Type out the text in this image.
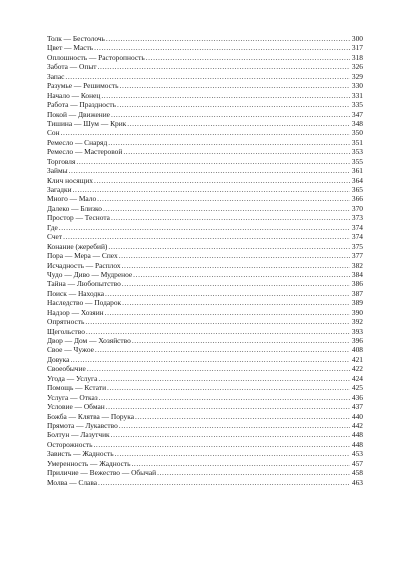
Толк — Бестолочь .....	300
Цвет — Масть .....	317
Оплошность — Расторопность .....	318
Забота — Опыт .....	326
Запас .....	329
Разумье — Решимость .....	330
Начало — Конец .....	331
Работа — Праздность .....	335
Покой — Движение .....	347
Тишина — Шум — Крик .....	348
Сон .....	350
Ремесло — Снаряд .....	351
Ремесло — Мастеровой .....	353
Торговля .....	355
Займы .....	361
Клич носящих .....	364
Загадки .....	365
Много — Мало .....	366
Далеко — Близко .....	370
Простор — Теснота .....	373
Где .....	374
Счет .....	374
Конание (жеребий) .....	375
Пора — Мера — Спех .....	377
Исчадность — Расплох .....	382
Чудо — Диво — Мудреное .....	384
Тайна — Любопытство .....	386
Поиск — Находка .....	387
Наследство — Подарок .....	389
Надзор — Хозяин .....	390
Опрятность .....	392
Щегольство .....	393
Двор — Дом — Хозяйство .....	396
Свое — Чужое .....	408
Довука .....	421
Своеобычие .....	422
Угода — Услуга .....	424
Помощь — Кстати .....	425
Услуга — Отказ .....	436
Условие — Обман .....	437
Божба — Клятва — Порука .....	440
Прямота — Лукавство .....	442
Болтун — Лазутчик .....	448
Осторожность .....	448
Зависть — Жадность .....	453
Умеренность — Жадность .....	457
Приличие — Вежество — Обычай .....	458
Молва — Слава .....	463
